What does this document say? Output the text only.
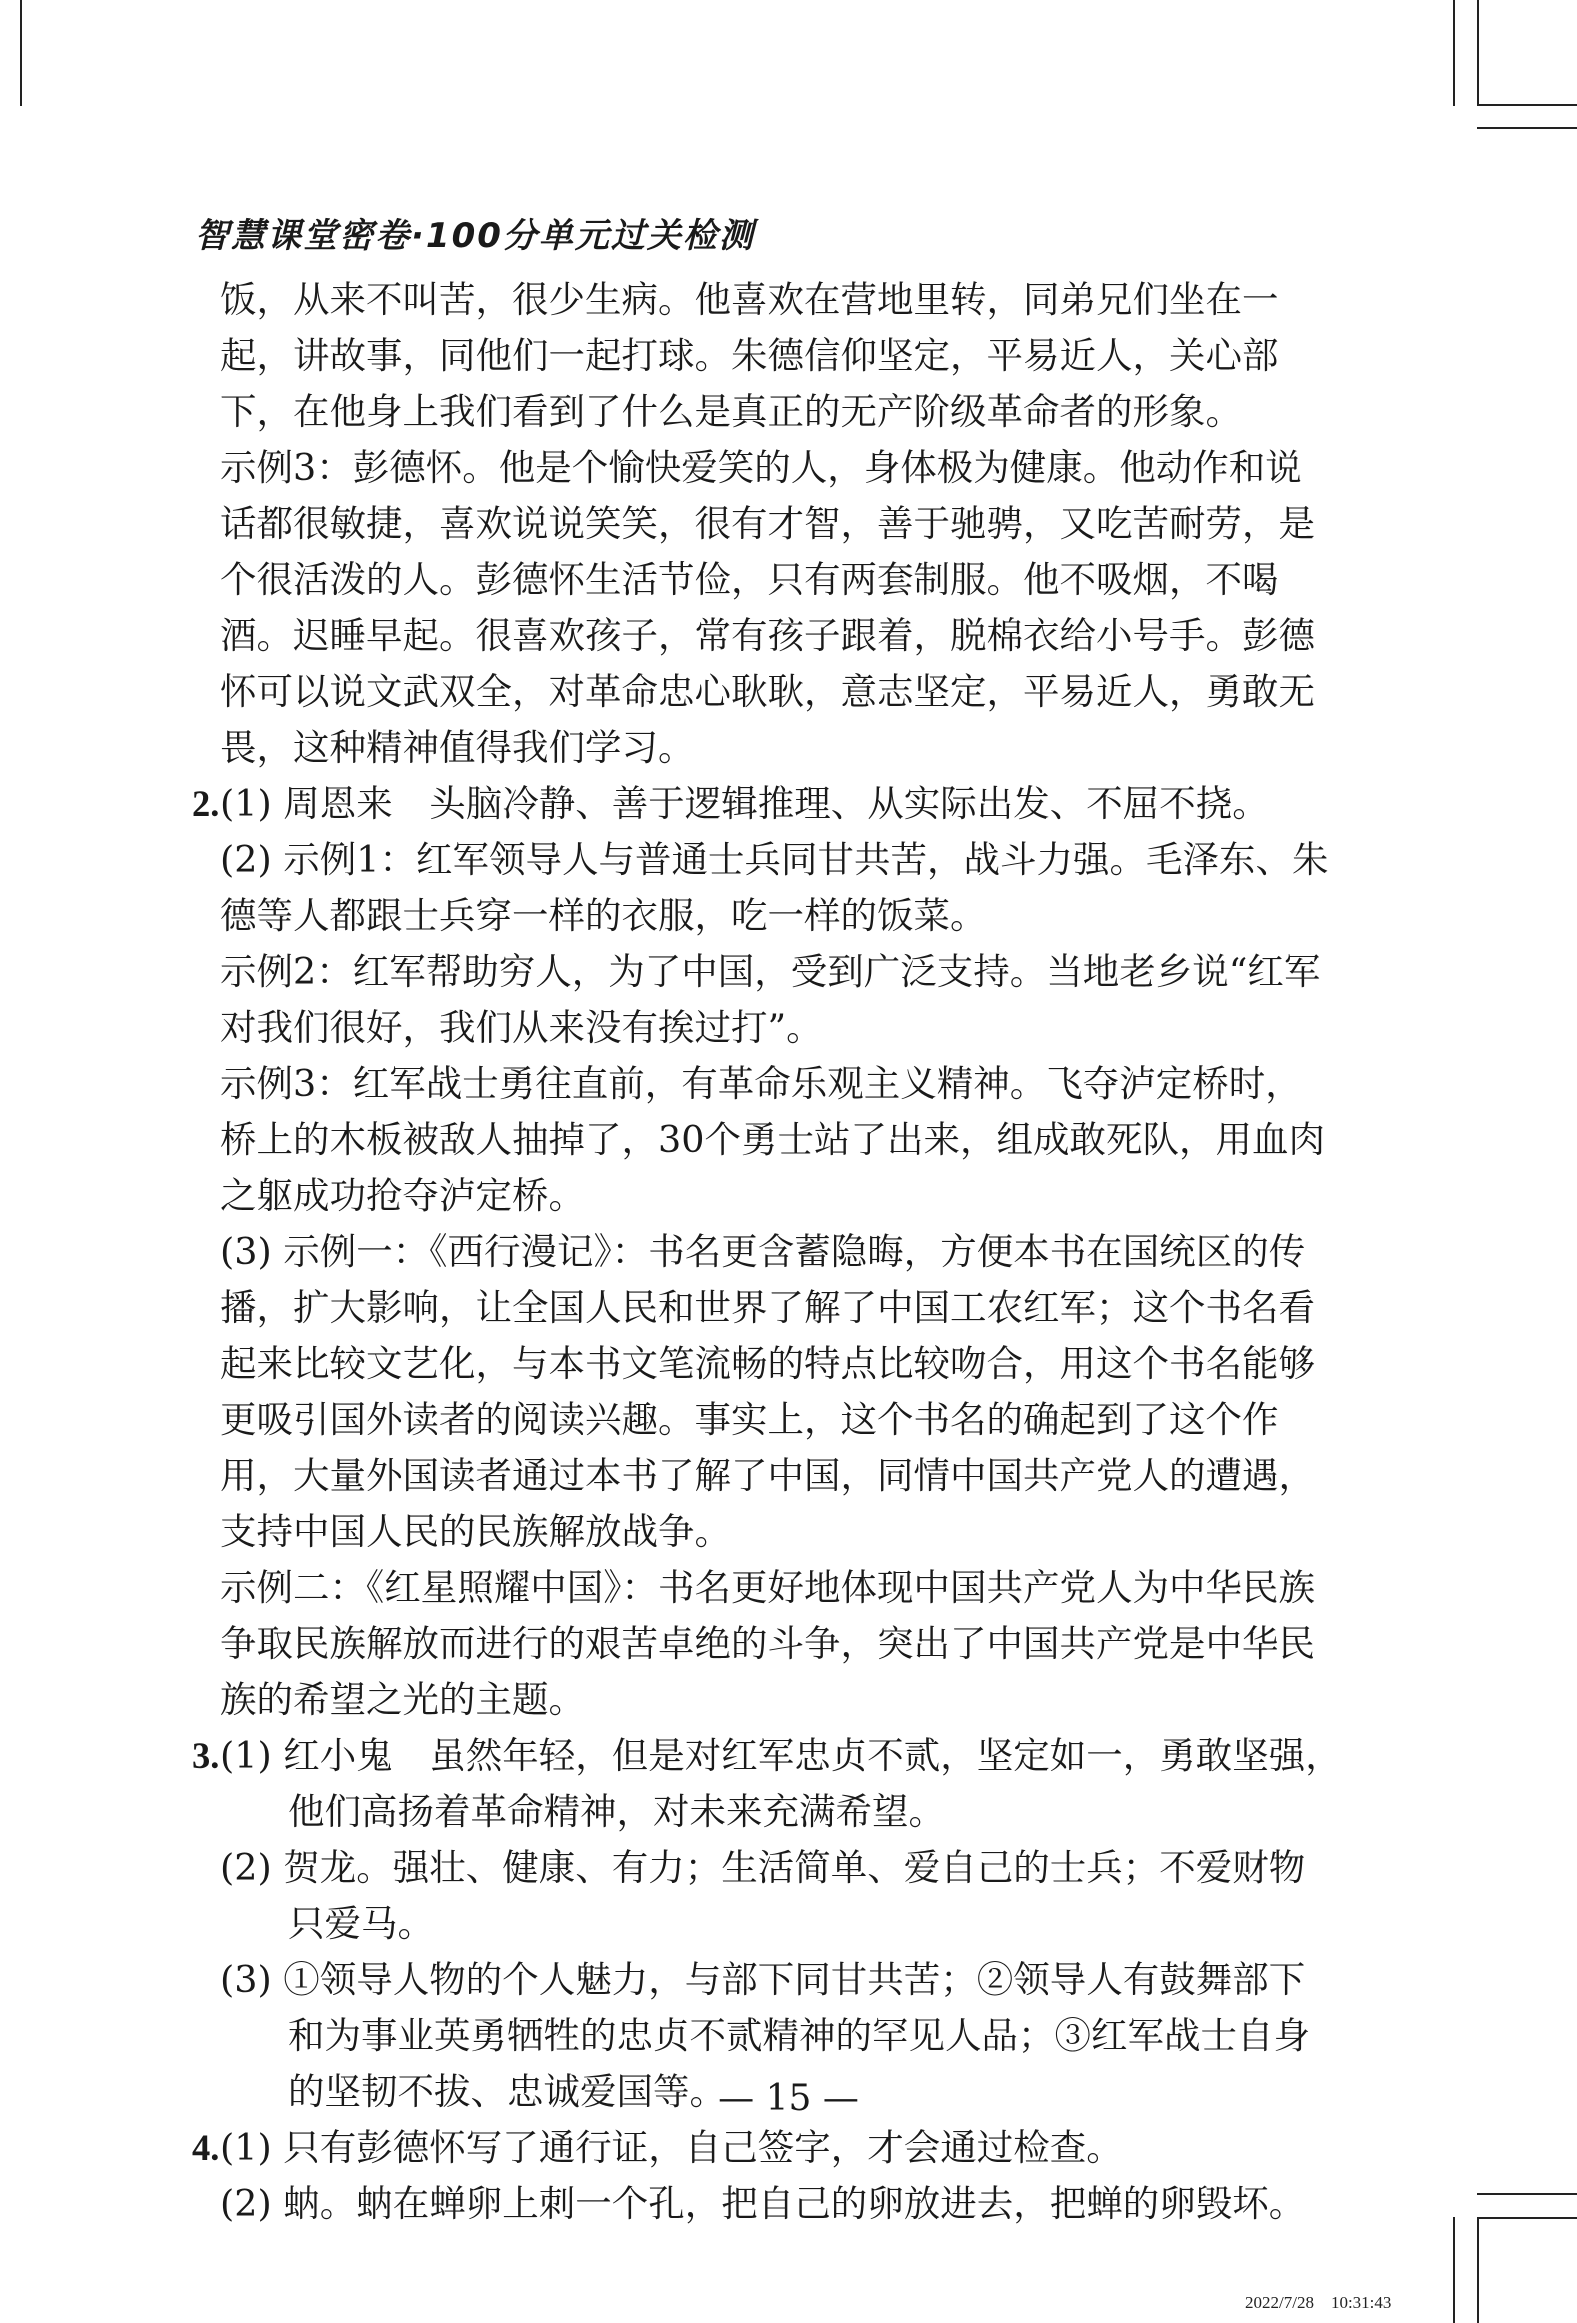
智慧课堂密卷·100分单元过关检测
饭，从来不叫苦，很少生病。他喜欢在营地里转，同弟兄们坐在一
起，讲故事，同他们一起打球。朱德信仰坚定，平易近人，关心部
下，在他身上我们看到了什么是真正的无产阶级革命者的形象。
示例3：彭德怀。他是个愉快爱笑的人，身体极为健康。他动作和说
话都很敏捷，喜欢说说笑笑，很有才智，善于驰骋，又吃苦耐劳，是
个很活泼的人。彭德怀生活节俭，只有两套制服。他不吸烟，不喝
酒。迟睡早起。很喜欢孩子，常有孩子跟着，脱棉衣给小号手。彭德
怀可以说文武双全，对革命忠心耿耿，意志坚定，平易近人，勇敢无
畏，这种精神值得我们学习。
2. (1) 周恩来　头脑冷静、善于逻辑推理、从实际出发、不屈不挠。
(2) 示例1：红军领导人与普通士兵同甘共苦，战斗力强。毛泽东、朱
德等人都跟士兵穿一样的衣服，吃一样的饭菜。
示例2：红军帮助穷人，为了中国，受到广泛支持。当地老乡说“红军
对我们很好，我们从来没有挨过打”。
示例3：红军战士勇往直前，有革命乐观主义精神。飞夺泸定桥时，
桥上的木板被敌人抽掉了，30个勇士站了出来，组成敢死队，用血肉
之躯成功抢夺泸定桥。
(3) 示例一：《西行漫记》：书名更含蓄隐晦，方便本书在国统区的传
播，扩大影响，让全国人民和世界了解了中国工农红军；这个书名看
起来比较文艺化，与本书文笔流畅的特点比较吻合，用这个书名能够
更吸引国外读者的阅读兴趣。事实上，这个书名的确起到了这个作
用，大量外国读者通过本书了解了中国，同情中国共产党人的遭遇，
支持中国人民的民族解放战争。
示例二：《红星照耀中国》：书名更好地体现中国共产党人为中华民族
争取民族解放而进行的艰苦卓绝的斗争，突出了中国共产党是中华民
族的希望之光的主题。
3. (1) 红小鬼　虽然年轻，但是对红军忠贞不贰，坚定如一，勇敢坚强，
他们高扬着革命精神，对未来充满希望。
(2) 贺龙。强壮、健康、有力；生活简单、爱自己的士兵；不爱财物
只爱马。
(3) ①领导人物的个人魅力，与部下同甘共苦；②领导人有鼓舞部下
和为事业英勇牺牲的忠贞不贰精神的罕见人品；③红军战士自身
的坚韧不拔、忠诚爱国等。
4. (1) 只有彭德怀写了通行证，自己签字，才会通过检查。
(2) 蚋。蚋在蝉卵上刺一个孔，把自己的卵放进去，把蝉的卵毁坏。
— 15 —
2022/7/28　10:31:43
